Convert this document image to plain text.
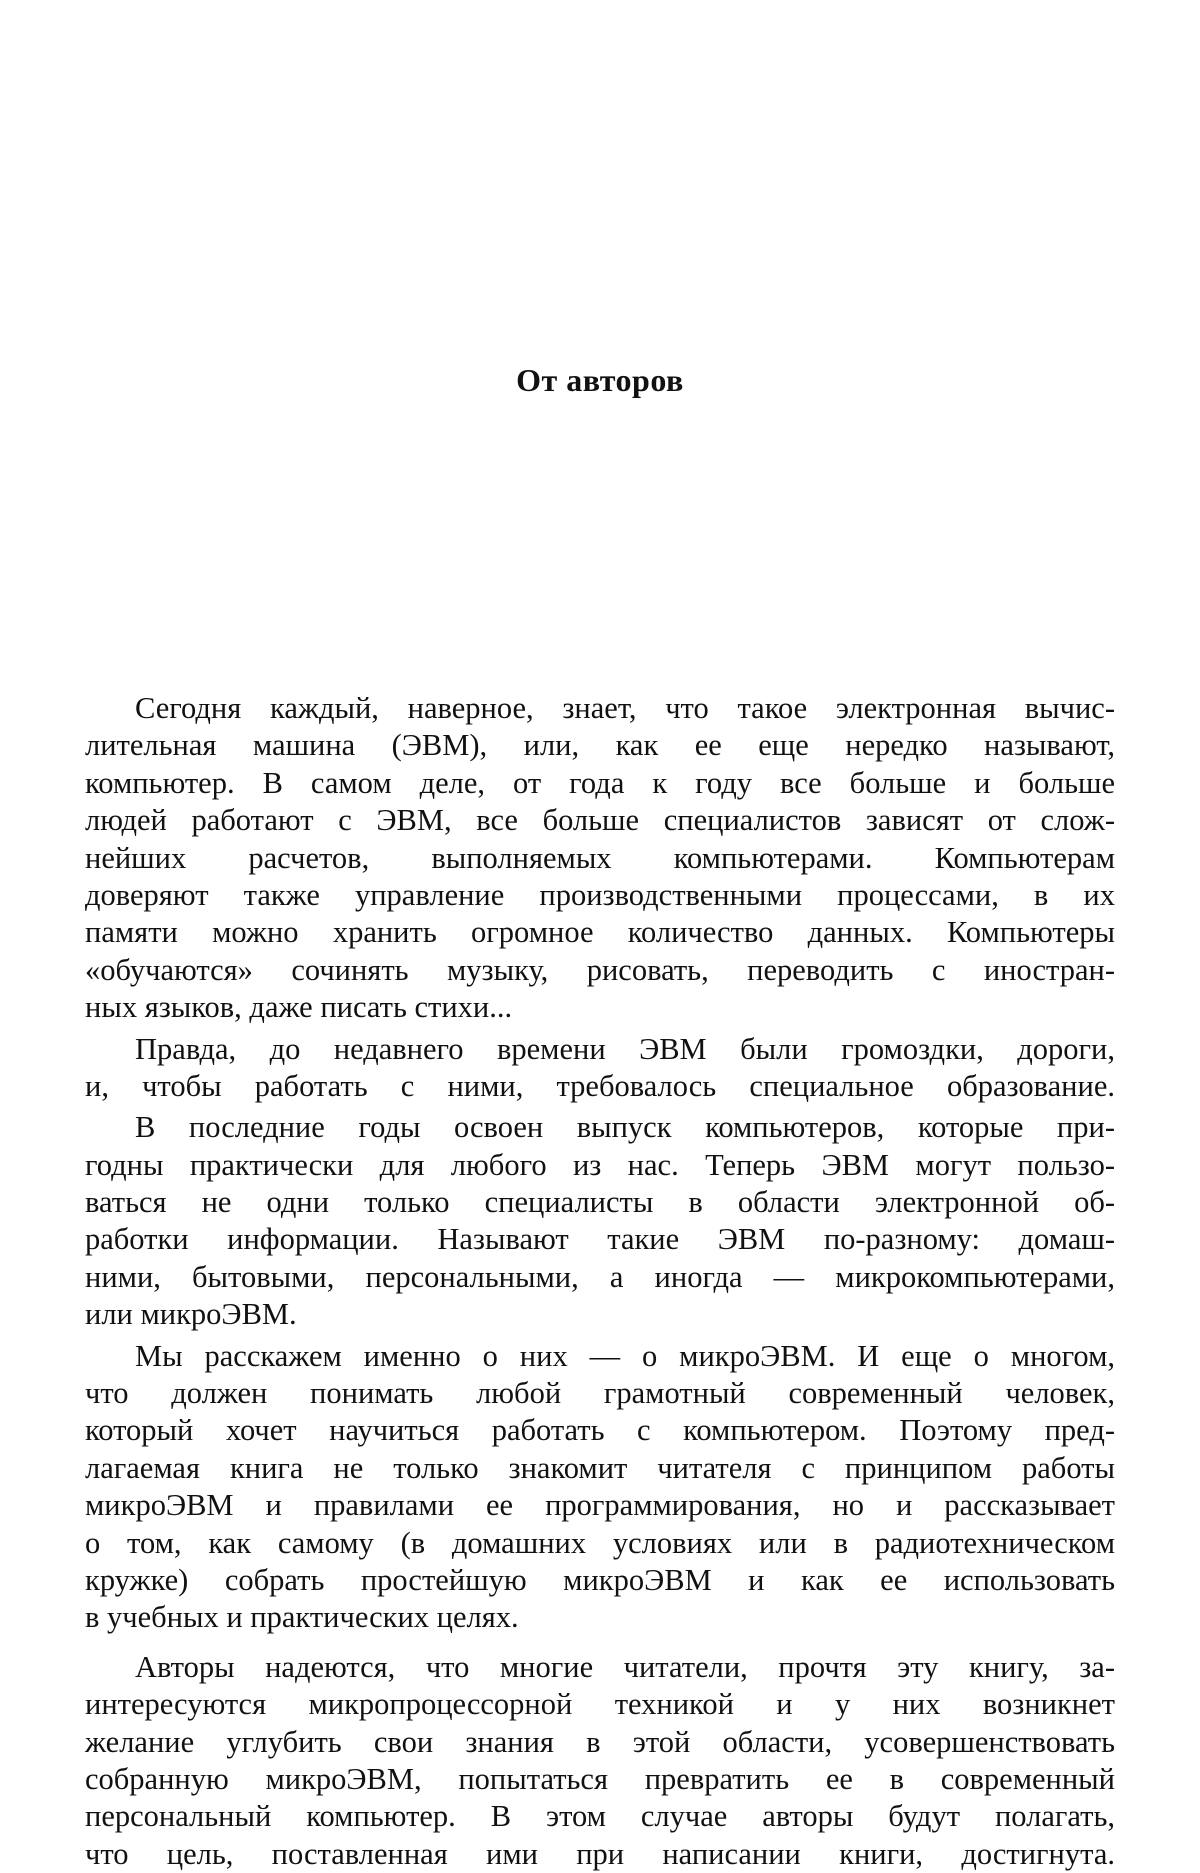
От авторов
Сегодня каждый, наверное, знает, что такое электронная вычис-
лительная машина (ЭВМ), или, как ее еще нередко называют,
компьютер. В самом деле, от года к году все больше и больше
людей работают с ЭВМ, все больше специалистов зависят от слож-
нейших расчетов, выполняемых компьютерами. Компьютерам
доверяют также управление производственными процессами, в их
памяти можно хранить огромное количество данных. Компьютеры
«обучаются» сочинять музыку, рисовать, переводить с иностран-
ных языков, даже писать стихи...
Правда, до недавнего времени ЭВМ были громоздки, дороги,
и, чтобы работать с ними, требовалось специальное образование.
В последние годы освоен выпуск компьютеров, которые при-
годны практически для любого из нас. Теперь ЭВМ могут пользо-
ваться не одни только специалисты в области электронной об-
работки информации. Называют такие ЭВМ по-разному: домаш-
ними, бытовыми, персональными, а иногда — микрокомпьютерами,
или микроЭВМ.
Мы расскажем именно о них — о микроЭВМ. И еще о многом,
что должен понимать любой грамотный современный человек,
который хочет научиться работать с компьютером. Поэтому пред-
лагаемая книга не только знакомит читателя с принципом работы
микроЭВМ и правилами ее программирования, но и рассказывает
о том, как самому (в домашних условиях или в радиотехническом
кружке) собрать простейшую микроЭВМ и как ее использовать
в учебных и практических целях.
Авторы надеются, что многие читатели, прочтя эту книгу, за-
интересуются микропроцессорной техникой и у них возникнет
желание углубить свои знания в этой области, усовершенствовать
собранную микроЭВМ, попытаться превратить ее в современный
персональный компьютер. В этом случае авторы будут полагать,
что цель, поставленная ими при написании книги, достигнута.
